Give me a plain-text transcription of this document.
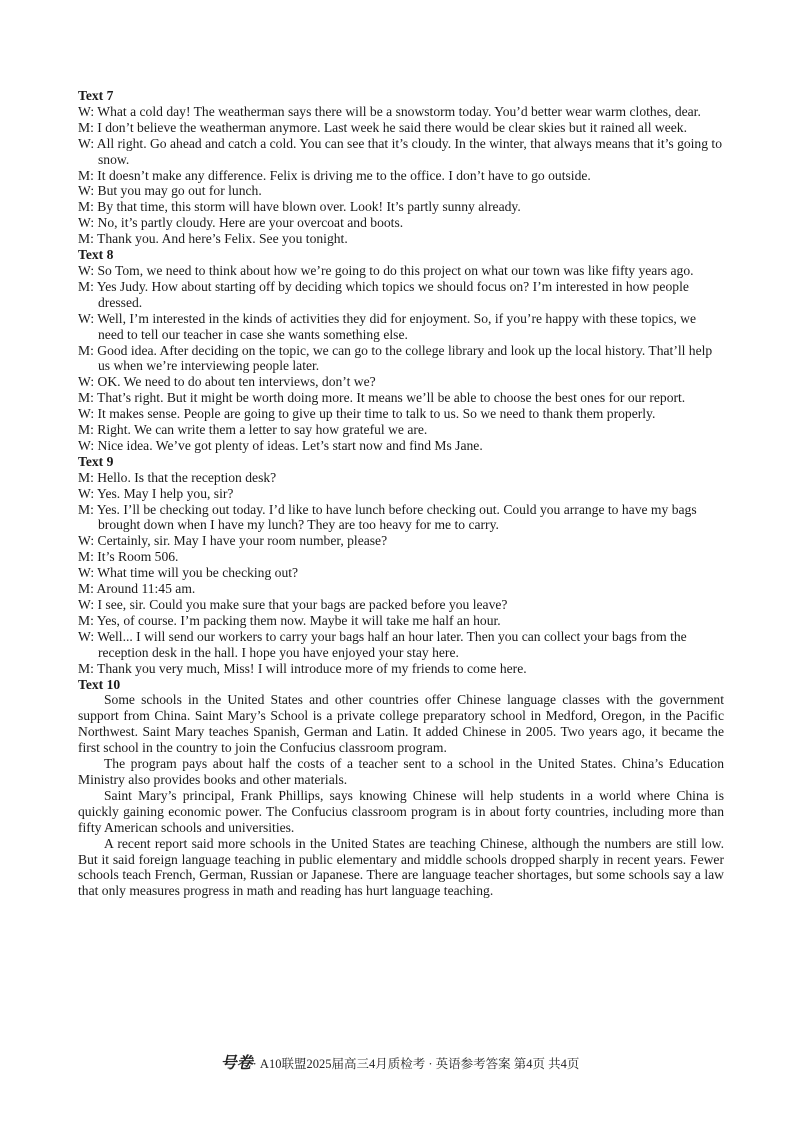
Text 7

W: What a cold day! The weatherman says there will be a snowstorm today. You’d better wear warm clothes, dear.

M: I don’t believe the weatherman anymore. Last week he said there would be clear skies but it rained all week.

W: All right. Go ahead and catch a cold. You can see that it’s cloudy. In the winter, that always means that it’s going to snow.

M: It doesn’t make any difference. Felix is driving me to the office. I don’t have to go outside.

W: But you may go out for lunch.

M: By that time, this storm will have blown over. Look! It’s partly sunny already.

W: No, it’s partly cloudy. Here are your overcoat and boots.

M: Thank you. And here’s Felix. See you tonight.

Text 8

W: So Tom, we need to think about how we’re going to do this project on what our town was like fifty years ago.

M: Yes Judy. How about starting off by deciding which topics we should focus on? I’m interested in how people dressed.

W: Well, I’m interested in the kinds of activities they did for enjoyment. So, if you’re happy with these topics, we need to tell our teacher in case she wants something else.

M: Good idea. After deciding on the topic, we can go to the college library and look up the local history. That’ll help us when we’re interviewing people later.

W: OK. We need to do about ten interviews, don’t we?

M: That’s right. But it might be worth doing more. It means we’ll be able to choose the best ones for our report.

W: It makes sense. People are going to give up their time to talk to us. So we need to thank them properly.

M: Right. We can write them a letter to say how grateful we are.

W: Nice idea. We’ve got plenty of ideas. Let’s start now and find Ms Jane.

Text 9

M: Hello. Is that the reception desk?

W: Yes. May I help you, sir?

M: Yes. I’ll be checking out today. I’d like to have lunch before checking out. Could you arrange to have my bags brought down when I have my lunch? They are too heavy for me to carry.

W: Certainly, sir. May I have your room number, please?

M: It’s Room 506.

W: What time will you be checking out?

M: Around 11:45 am.

W: I see, sir. Could you make sure that your bags are packed before you leave?

M: Yes, of course. I’m packing them now. Maybe it will take me half an hour.

W: Well... I will send our workers to carry your bags half an hour later. Then you can collect your bags from the reception desk in the hall. I hope you have enjoyed your stay here.

M: Thank you very much, Miss! I will introduce more of my friends to come here.

Text 10

Some schools in the United States and other countries offer Chinese language classes with the government support from China. Saint Mary’s School is a private college preparatory school in Medford, Oregon, in the Pacific Northwest. Saint Mary teaches Spanish, German and Latin. It added Chinese in 2005. Two years ago, it became the first school in the country to join the Confucius classroom program.

The program pays about half the costs of a teacher sent to a school in the United States. China’s Education Ministry also provides books and other materials.

Saint Mary’s principal, Frank Phillips, says knowing Chinese will help students in a world where China is quickly gaining economic power. The Confucius classroom program is in about forty countries, including more than fifty American schools and universities.

A recent report said more schools in the United States are teaching Chinese, although the numbers are still low. But it said foreign language teaching in public elementary and middle schools dropped sharply in recent years. Fewer schools teach French, German, Russian or Japanese. There are language teacher shortages, but some schools say a law that only measures progress in math and reading has hurt language teaching.

号卷· A10联盟2025届高三4月质检考 · 英语参考答案 第4页 共4页
